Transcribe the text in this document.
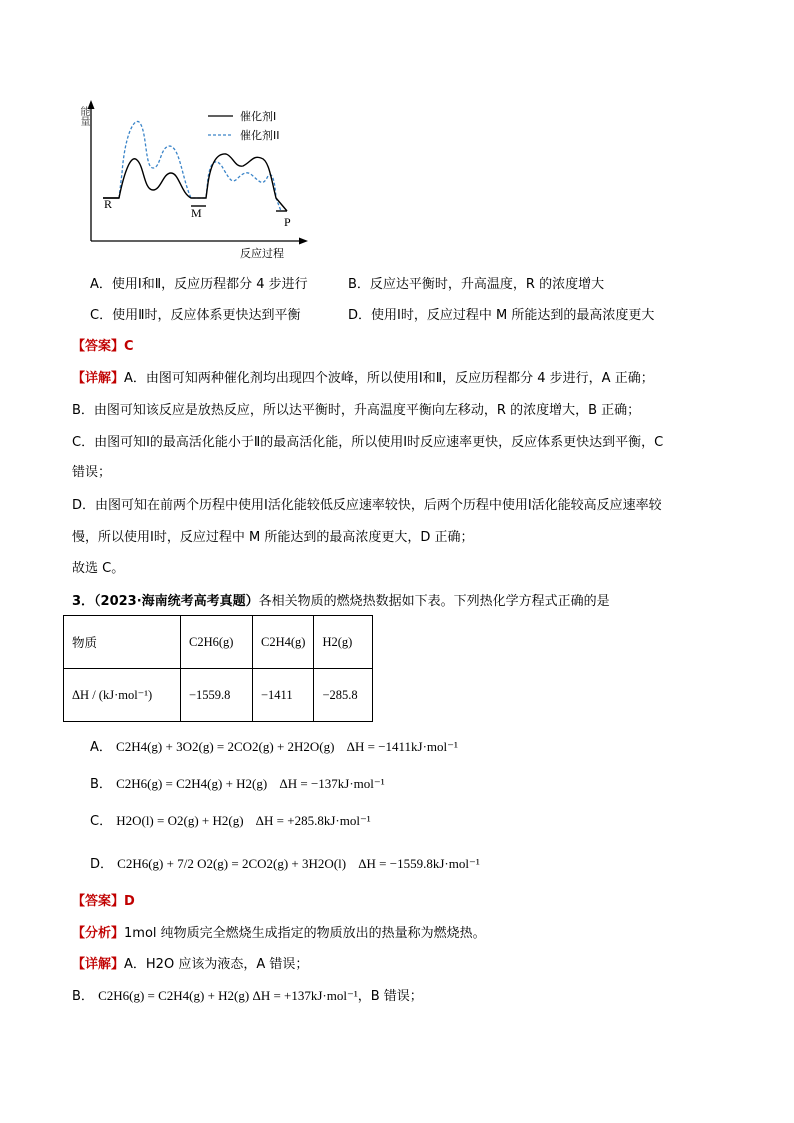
能量
反应过程
催化剂I
催化剂II
R
M
P
A．使用Ⅰ和Ⅱ，反应历程都分 4 步进行	B．反应达平衡时，升高温度，R 的浓度增大
C．使用Ⅱ时，反应体系更快达到平衡	D．使用Ⅰ时，反应过程中 M 所能达到的最高浓度更大
【答案】C
【详解】A．由图可知两种催化剂均出现四个波峰，所以使用Ⅰ和Ⅱ，反应历程都分 4 步进行，A 正确；
B．由图可知该反应是放热反应，所以达平衡时，升高温度平衡向左移动，R 的浓度增大，B 正确；
C．由图可知Ⅰ的最高活化能小于Ⅱ的最高活化能，所以使用Ⅰ时反应速率更快，反应体系更快达到平衡，C
错误；
D．由图可知在前两个历程中使用Ⅰ活化能较低反应速率较快，后两个历程中使用Ⅰ活化能较高反应速率较
慢，所以使用Ⅰ时，反应过程中 M 所能达到的最高浓度更大，D 正确；
故选 C。
3．（2023·海南统考高考真题）各相关物质的燃烧热数据如下表。下列热化学方程式正确的是
物质	C2H6(g)	C2H4(g)	H2(g)
ΔH / (kJ·mol⁻¹)	−1559.8	−1411	−285.8
A． C2H4(g) + 3O2(g) = 2CO2(g) + 2H2O(g) ΔH = −1411kJ·mol⁻¹
B． C2H6(g) = C2H4(g) + H2(g) ΔH = −137kJ·mol⁻¹
C． H2O(l) = O2(g) + H2(g) ΔH = +285.8kJ·mol⁻¹
D． C2H6(g) + 7/2 O2(g) = 2CO2(g) + 3H2O(l) ΔH = −1559.8kJ·mol⁻¹
【答案】D
【分析】1mol 纯物质完全燃烧生成指定的物质放出的热量称为燃烧热。
【详解】A．H2O 应该为液态，A 错误；
B． C2H6(g) = C2H4(g) + H2(g) ΔH = +137kJ·mol⁻¹，B 错误；
